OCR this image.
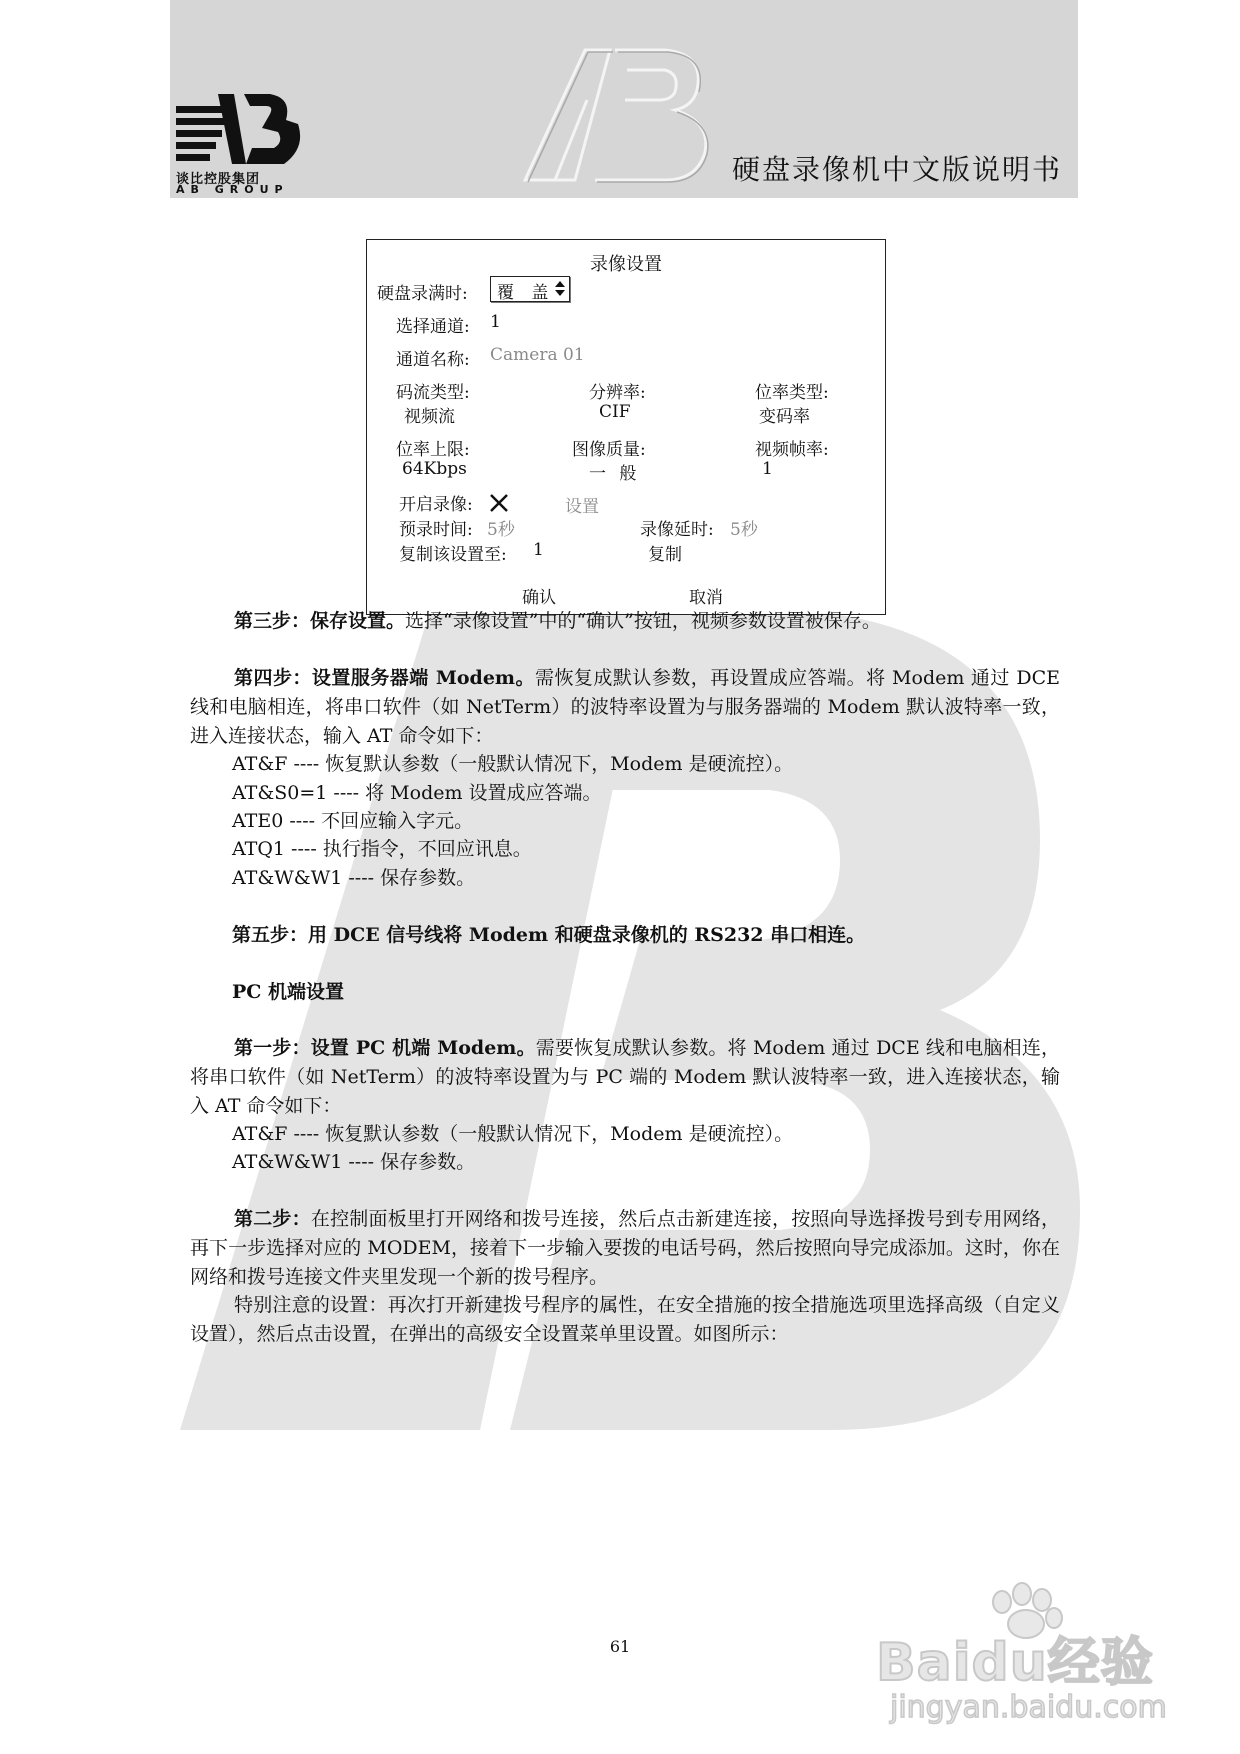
谈比控股集团
AB GROUP
硬盘录像机中文版说明书
录像设置
硬盘录满时: 覆 盖
选择通道: 1
通道名称: Camera 01
码流类型:
视频流
分辨率:
CIF
位率类型:
变码率
位率上限:
64Kbps
图像质量:
一 般
视频帧率:
1
开启录像:	设置
预录时间: 5秒	录像延时: 5秒
复制该设置至: 1	复制
确认	取消

第三步：保存设置。选择“录像设置”中的“确认”按钮，视频参数设置被保存。

第四步：设置服务器端 Modem。需恢复成默认参数，再设置成应答端。将 Modem 通过 DCE 线和电脑相连，将串口软件（如 NetTerm）的波特率设置为与服务器端的 Modem 默认波特率一致，进入连接状态，输入 AT 命令如下：

AT&F ---- 恢复默认参数（一般默认情况下，Modem 是硬流控）。

AT&S0=1 ---- 将 Modem 设置成应答端。

ATE0 ---- 不回应输入字元。

ATQ1 ---- 执行指令，不回应讯息。

AT&W&W1 ---- 保存参数。

第五步：用 DCE 信号线将 Modem 和硬盘录像机的 RS232 串口相连。

PC 机端设置

第一步：设置 PC 机端 Modem。需要恢复成默认参数。将 Modem 通过 DCE 线和电脑相连，将串口软件（如 NetTerm）的波特率设置为与 PC 端的 Modem 默认波特率一致，进入连接状态，输入 AT 命令如下：

AT&F ---- 恢复默认参数（一般默认情况下，Modem 是硬流控）。

AT&W&W1 ---- 保存参数。

第二步：在控制面板里打开网络和拨号连接，然后点击新建连接，按照向导选择拨号到专用网络，再下一步选择对应的 MODEM，接着下一步输入要拨的电话号码，然后按照向导完成添加。这时，你在网络和拨号连接文件夹里发现一个新的拨号程序。

特别注意的设置：再次打开新建拨号程序的属性，在安全措施的按全措施选项里选择高级（自定义设置），然后点击设置，在弹出的高级安全设置菜单里设置。如图所示：

61	Baidu经验
jingyan.baidu.com
